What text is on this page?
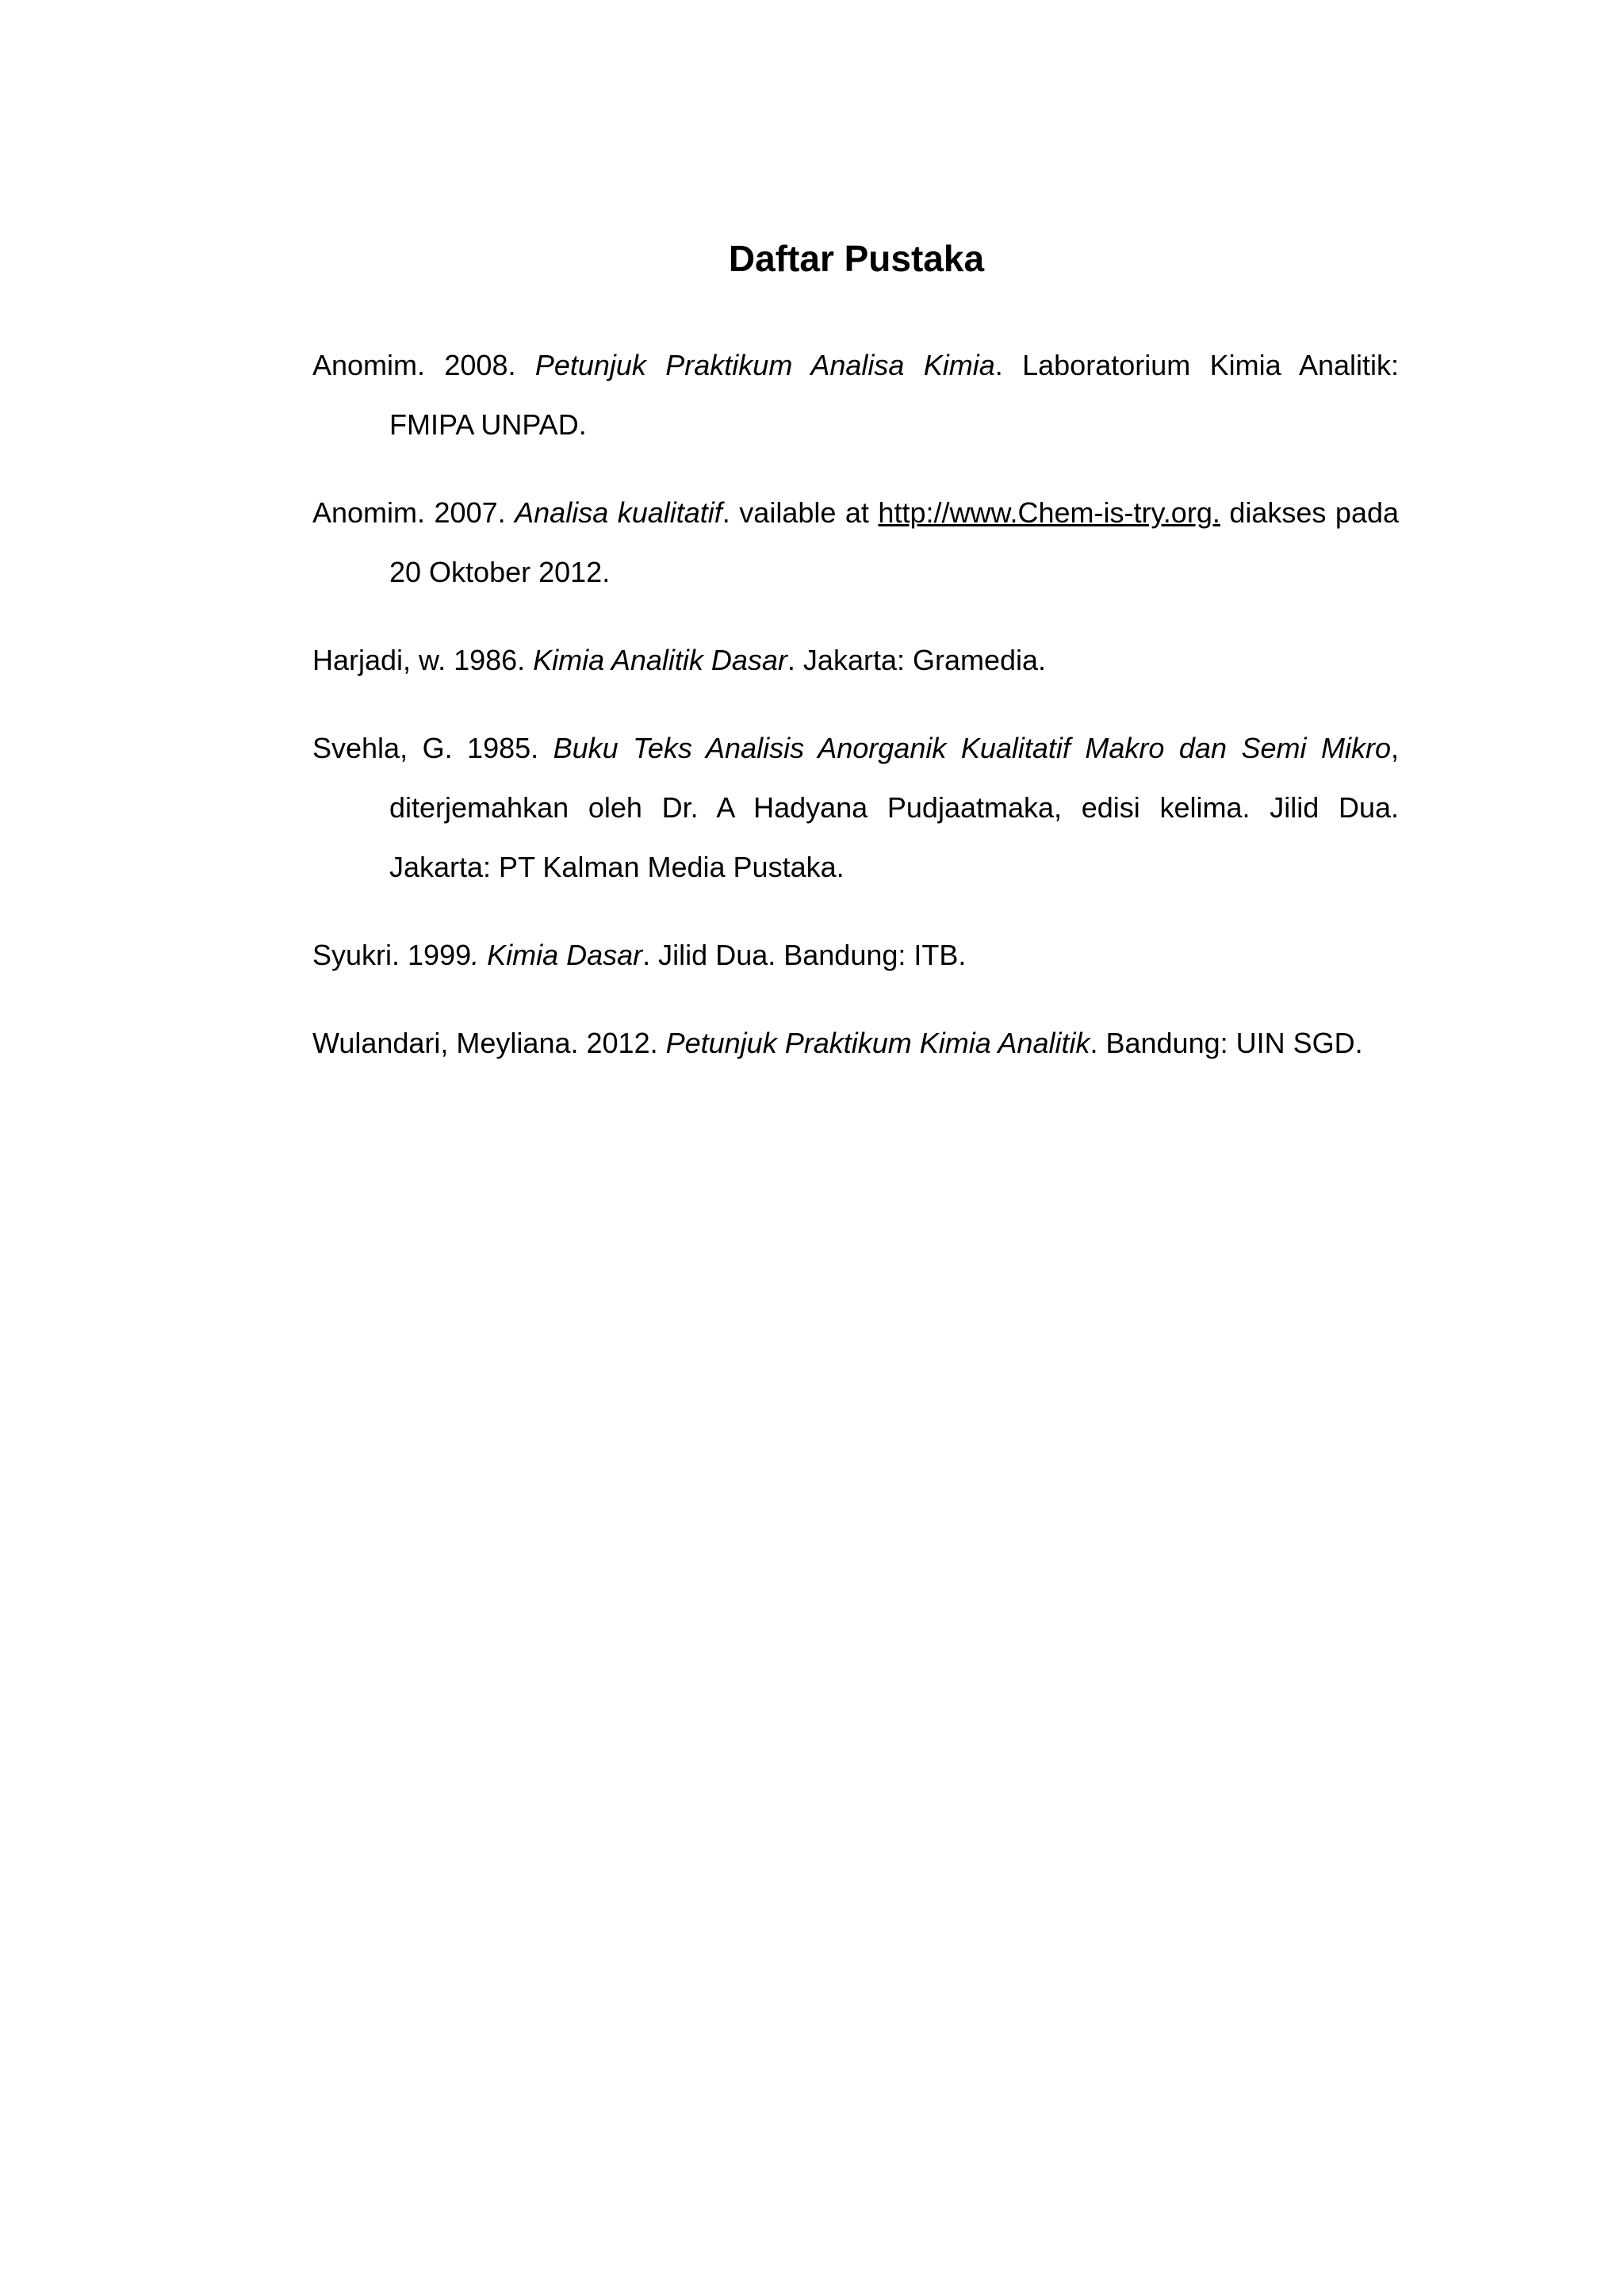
Daftar Pustaka
Anomim. 2008. Petunjuk Praktikum Analisa Kimia. Laboratorium Kimia Analitik: FMIPA UNPAD.
Anomim. 2007. Analisa kualitatif. vailable at http://www.Chem-is-try.org. diakses pada 20 Oktober 2012.
Harjadi, w. 1986. Kimia Analitik Dasar. Jakarta: Gramedia.
Svehla, G. 1985. Buku Teks Analisis Anorganik Kualitatif Makro dan Semi Mikro, diterjemahkan oleh Dr. A Hadyana Pudjaatmaka, edisi kelima. Jilid Dua. Jakarta: PT Kalman Media Pustaka.
Syukri. 1999. Kimia Dasar. Jilid Dua. Bandung: ITB.
Wulandari, Meyliana. 2012. Petunjuk Praktikum Kimia Analitik. Bandung: UIN SGD.
